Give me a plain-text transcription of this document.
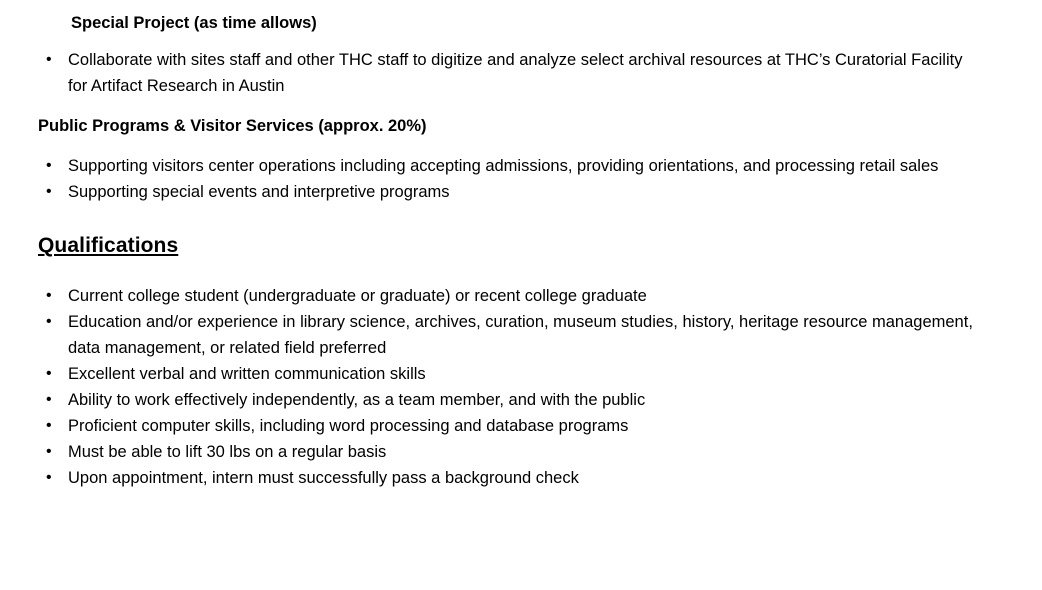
Special Project (as time allows)
• Collaborate with sites staff and other THC staff to digitize and analyze select archival resources at THC’s Curatorial Facility for Artifact Research in Austin
Public Programs & Visitor Services (approx. 20%)
• Supporting visitors center operations including accepting admissions, providing orientations, and processing retail sales
• Supporting special events and interpretive programs
Qualifications
• Current college student (undergraduate or graduate) or recent college graduate
• Education and/or experience in library science, archives, curation, museum studies, history, heritage resource management, data management, or related field preferred
• Excellent verbal and written communication skills
• Ability to work effectively independently, as a team member, and with the public
• Proficient computer skills, including word processing and database programs
• Must be able to lift 30 lbs on a regular basis
• Upon appointment, intern must successfully pass a background check
